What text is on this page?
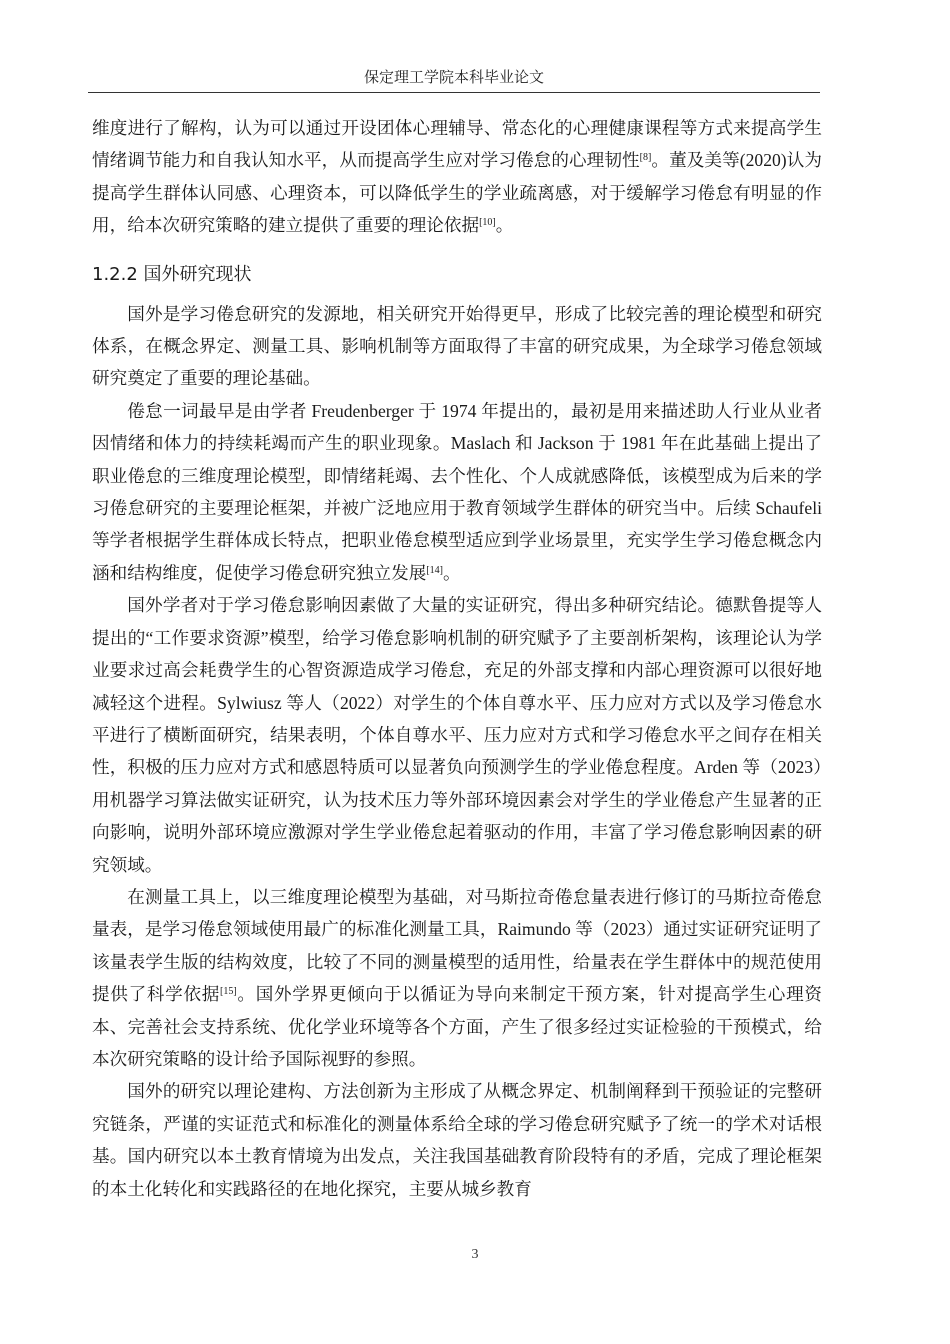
保定理工学院本科毕业论文

维度进行了解构，认为可以通过开设团体心理辅导、常态化的心理健康课程等方式来提高学生情绪调节能力和自我认知水平，从而提高学生应对学习倦怠的心理韧性[8]。董及美等(2020)认为提高学生群体认同感、心理资本，可以降低学生的学业疏离感，对于缓解学习倦怠有明显的作用，给本次研究策略的建立提供了重要的理论依据[10]。

1.2.2 国外研究现状

国外是学习倦怠研究的发源地，相关研究开始得更早，形成了比较完善的理论模型和研究体系，在概念界定、测量工具、影响机制等方面取得了丰富的研究成果，为全球学习倦怠领域研究奠定了重要的理论基础。

倦怠一词最早是由学者 Freudenberger 于 1974 年提出的，最初是用来描述助人行业从业者因情绪和体力的持续耗竭而产生的职业现象。Maslach 和 Jackson 于 1981 年在此基础上提出了职业倦怠的三维度理论模型，即情绪耗竭、去个性化、个人成就感降低，该模型成为后来的学习倦怠研究的主要理论框架，并被广泛地应用于教育领域学生群体的研究当中。后续 Schaufeli 等学者根据学生群体成长特点，把职业倦怠模型适应到学业场景里，充实学生学习倦怠概念内涵和结构维度，促使学习倦怠研究独立发展[14]。

国外学者对于学习倦怠影响因素做了大量的实证研究，得出多种研究结论。德默鲁提等人提出的“工作要求资源”模型，给学习倦怠影响机制的研究赋予了主要剖析架构，该理论认为学业要求过高会耗费学生的心智资源造成学习倦怠，充足的外部支撑和内部心理资源可以很好地减轻这个进程。Sylwiusz 等人（2022）对学生的个体自尊水平、压力应对方式以及学习倦怠水平进行了横断面研究，结果表明，个体自尊水平、压力应对方式和学习倦怠水平之间存在相关性，积极的压力应对方式和感恩特质可以显著负向预测学生的学业倦怠程度。Arden 等（2023）用机器学习算法做实证研究，认为技术压力等外部环境因素会对学生的学业倦怠产生显著的正向影响，说明外部环境应激源对学生学业倦怠起着驱动的作用，丰富了学习倦怠影响因素的研究领域。

在测量工具上，以三维度理论模型为基础，对马斯拉奇倦怠量表进行修订的马斯拉奇倦怠量表，是学习倦怠领域使用最广的标准化测量工具，Raimundo 等（2023）通过实证研究证明了该量表学生版的结构效度，比较了不同的测量模型的适用性，给量表在学生群体中的规范使用提供了科学依据[15]。国外学界更倾向于以循证为导向来制定干预方案，针对提高学生心理资本、完善社会支持系统、优化学业环境等各个方面，产生了很多经过实证检验的干预模式，给本次研究策略的设计给予国际视野的参照。

国外的研究以理论建构、方法创新为主形成了从概念界定、机制阐释到干预验证的完整研究链条，严谨的实证范式和标准化的测量体系给全球的学习倦怠研究赋予了统一的学术对话根基。国内研究以本土教育情境为出发点，关注我国基础教育阶段特有的矛盾，完成了理论框架的本土化转化和实践路径的在地化探究，主要从城乡教育

3
